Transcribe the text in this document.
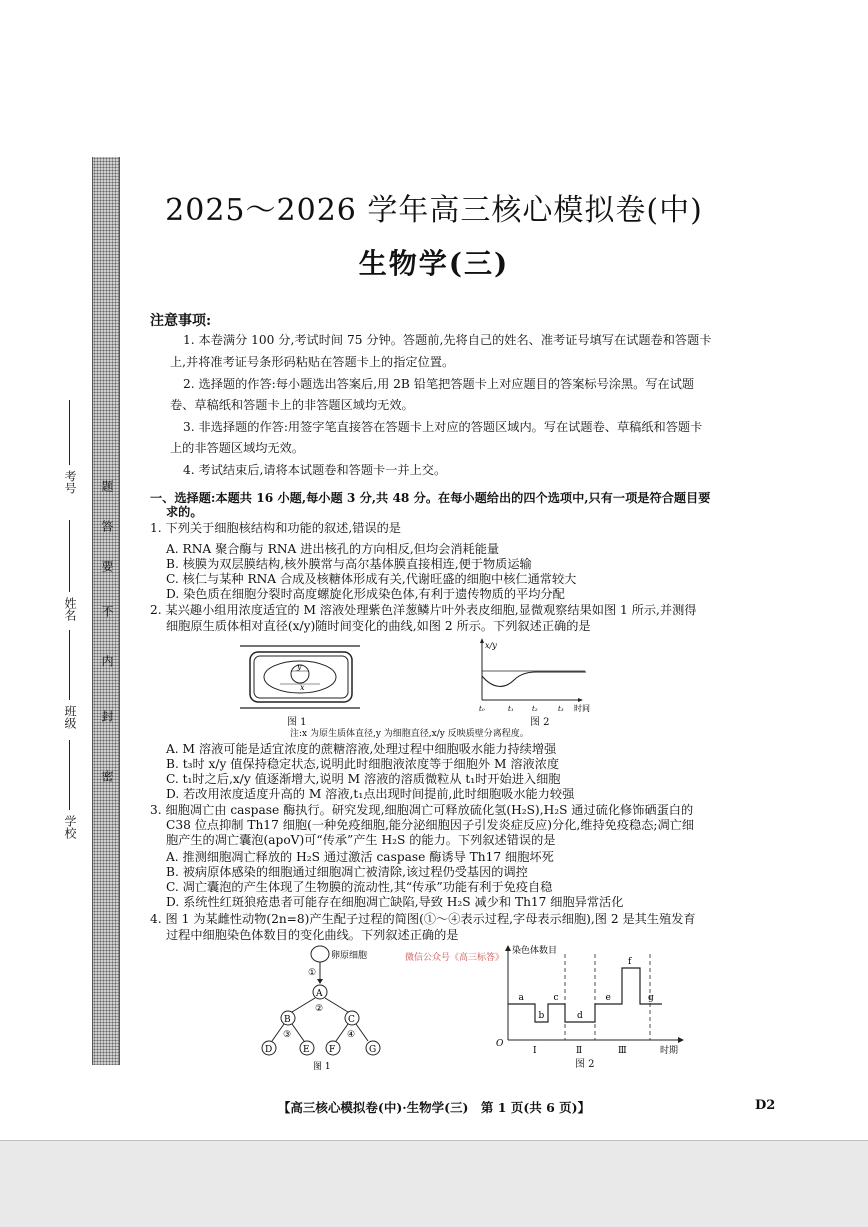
密
封
内
不
要
答
题
学校
班级
姓名
考号
2025～2026 学年高三核心模拟卷(中)
生物学(三)
注意事项:
1. 本卷满分 100 分,考试时间 75 分钟。答题前,先将自己的姓名、准考证号填写在试题卷和答题卡
上,并将准考证号条形码粘贴在答题卡上的指定位置。
2. 选择题的作答:每小题选出答案后,用 2B 铅笔把答题卡上对应题目的答案标号涂黑。写在试题
卷、草稿纸和答题卡上的非答题区域均无效。
3. 非选择题的作答:用签字笔直接答在答题卡上对应的答题区域内。写在试题卷、草稿纸和答题卡
上的非答题区域均无效。
4. 考试结束后,请将本试题卷和答题卡一并上交。
一、选择题:本题共 16 小题,每小题 3 分,共 48 分。在每小题给出的四个选项中,只有一项是符合题目要
求的。
1. 下列关于细胞核结构和功能的叙述,错误的是
A. RNA 聚合酶与 RNA 进出核孔的方向相反,但均会消耗能量
B. 核膜为双层膜结构,核外膜常与高尔基体膜直接相连,便于物质运输
C. 核仁与某种 RNA 合成及核糖体形成有关,代谢旺盛的细胞中核仁通常较大
D. 染色质在细胞分裂时高度螺旋化形成染色体,有利于遗传物质的平均分配
2. 某兴趣小组用浓度适宜的 M 溶液处理紫色洋葱鳞片叶外表皮细胞,显微观察结果如图 1 所示,并测得
细胞原生质体相对直径(x/y)随时间变化的曲线,如图 2 所示。下列叙述正确的是
y
x
图 1
x/y
t₀	t₁	t₂	t₃ 时间
图 2
注:x 为原生质体直径,y 为细胞直径,x/y 反映质壁分离程度。
A. M 溶液可能是适宜浓度的蔗糖溶液,处理过程中细胞吸水能力持续增强
B. t₃时 x/y 值保持稳定状态,说明此时细胞液浓度等于细胞外 M 溶液浓度
C. t₁时之后,x/y 值逐渐增大,说明 M 溶液的溶质微粒从 t₁时开始进入细胞
D. 若改用浓度适度升高的 M 溶液,t₁点出现时间提前,此时细胞吸水能力较强
3. 细胞凋亡由 caspase 酶执行。研究发现,细胞凋亡可释放硫化氢(H₂S),H₂S 通过硫化修饰硒蛋白的
C38 位点抑制 Th17 细胞(一种免疫细胞,能分泌细胞因子引发炎症反应)分化,维持免疫稳态;凋亡细
胞产生的凋亡囊泡(apoV)可“传承”产生 H₂S 的能力。下列叙述错误的是
A. 推测细胞凋亡释放的 H₂S 通过激活 caspase 酶诱导 Th17 细胞坏死
B. 被病原体感染的细胞通过细胞凋亡被清除,该过程仍受基因的调控
C. 凋亡囊泡的产生体现了生物膜的流动性,其“传承”功能有利于免疫自稳
D. 系统性红斑狼疮患者可能存在细胞凋亡缺陷,导致 H₂S 减少和 Th17 细胞异常活化
4. 图 1 为某雌性动物(2n=8)产生配子过程的简图(①～④表示过程,字母表示细胞),图 2 是其生殖发育
过程中细胞染色体数目的变化曲线。下列叙述正确的是
卵原细胞
①
A
②
B	C
③	④
D	E F	G
图 1
微信公众号《高三标答》
染色体数目
O
时期
Ⅰ	Ⅱ	Ⅲ
a
b
c
d
e
f
g
图 2
【高三核心模拟卷(中)·生物学(三)　第 1 页(共 6 页)】	D2
